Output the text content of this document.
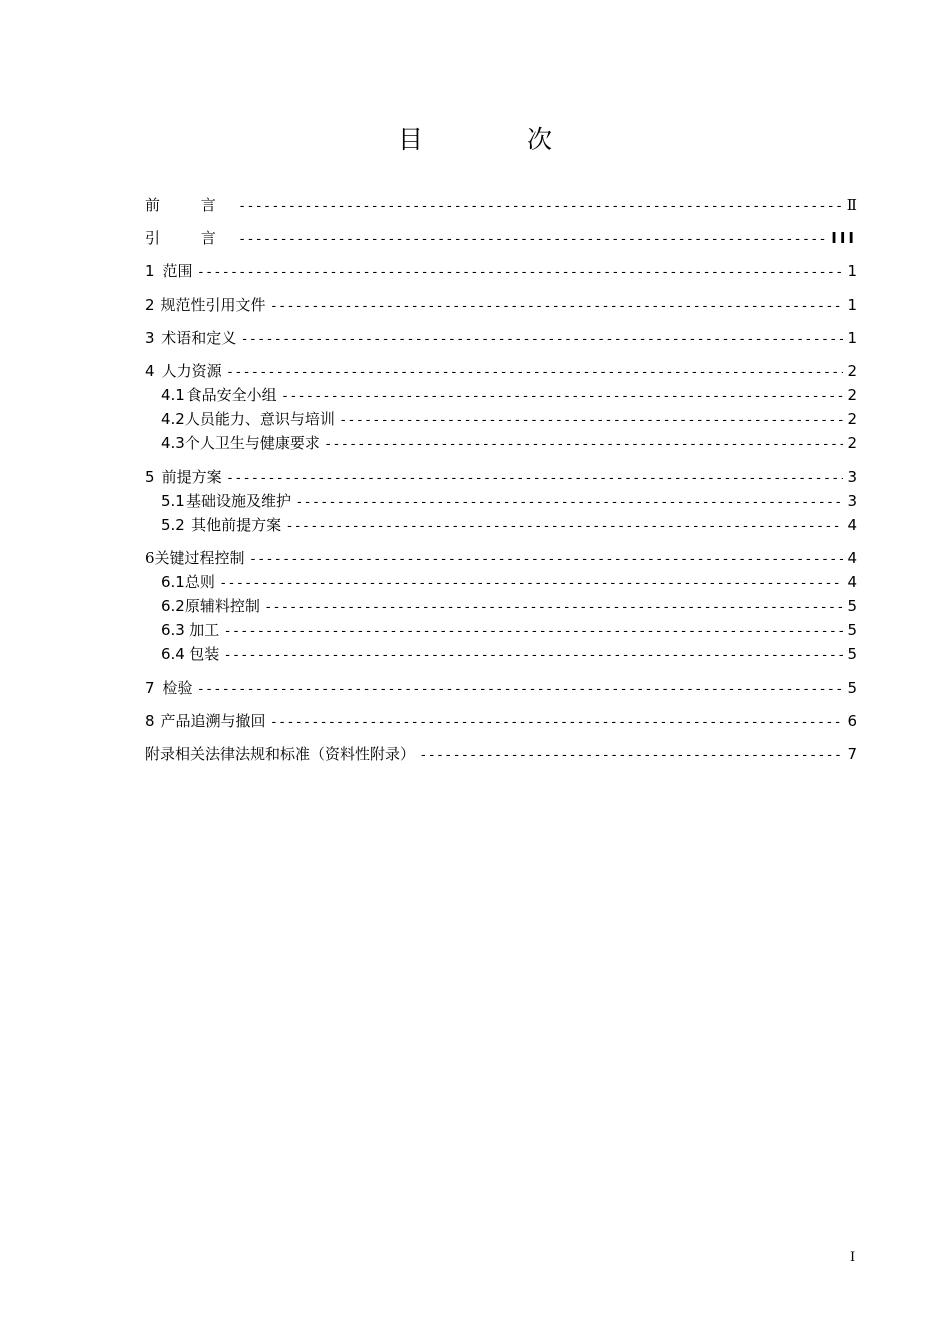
目 次
前 言 -----	Ⅱ
引 言 -----	III
1 范围 -----	1
2 规范性引用文件 -----	1
3 术语和定义 -----	1
4 人力资源 -----	2
4.1 食品安全小组 -----	2
4.2 人员能力、意识与培训 -----	2
4.3 个人卫生与健康要求 -----	2
5 前提方案 -----	3
5.1 基础设施及维护 -----	3
5.2 其他前提方案 -----	4
6 关键过程控制 -----	4
6.1 总则 -----	4
6.2 原辅料控制 -----	5
6.3 加工 -----	5
6.4 包装 -----	5
7 检验 -----	5
8 产品追溯与撤回 -----	6
附录 相关法律法规和标准（资料性附录） -----	7
I
